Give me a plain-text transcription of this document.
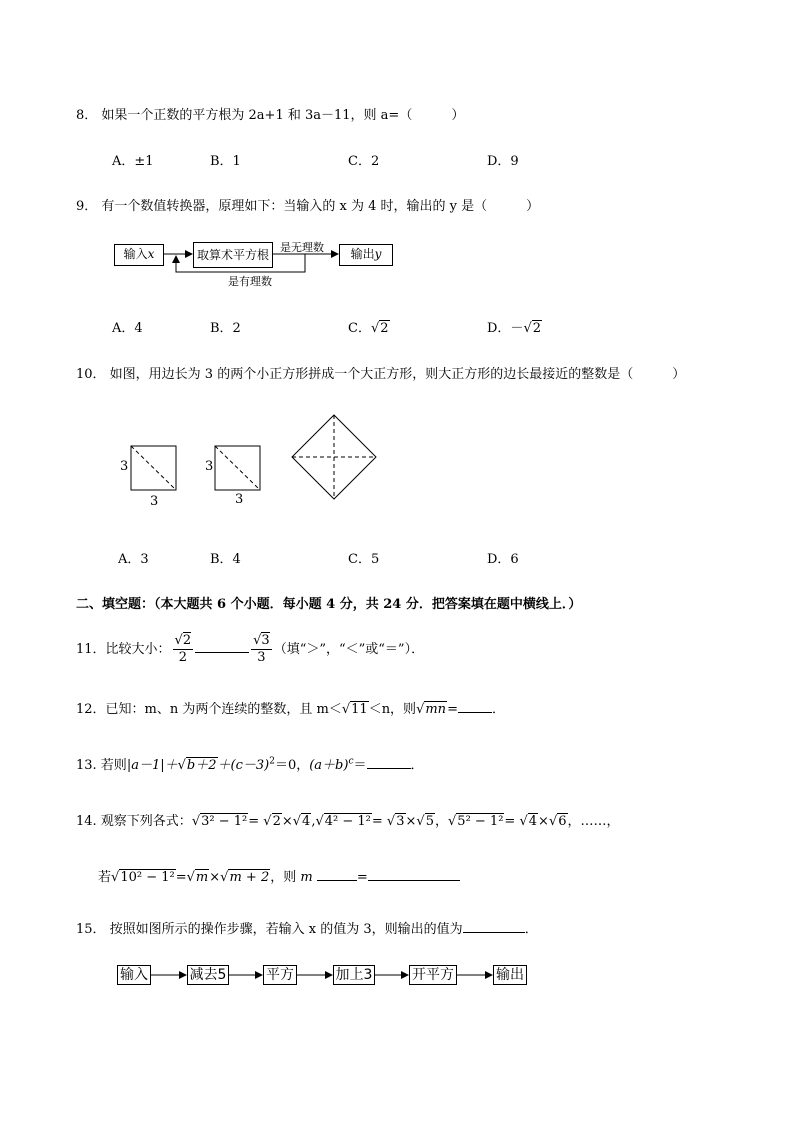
8． 如果一个正数的平方根为 2a+1 和 3a－11，则 a=（　　　）
A．±1	B．1	C．2	D．9
9． 有一个数值转换器，原理如下：当输入的 x 为 4 时，输出的 y 是（　　　）
输入x	取算术平方根	输出y
是无理数
是有理数
A．4	B．2	C．√2	D．－√2
10． 如图，用边长为 3 的两个小正方形拼成一个大正方形，则大正方形的边长最接近的整数是（　　　）
3
3
3
3
A．3	B．4	C．5	D．6
二、填空题：（本大题共 6 个小题．每小题 4 分，共 24 分．把答案填在题中横线上．）
11．比较大小： $\frac{√2}{2}$	$\frac{√3}{3}$ （填“＞”，“＜”或“＝”）．
12．已知：m、n 为两个连续的整数，且 m＜√11＜n，则√mn=	．
13. 若则$|a-1|+√b+2+(c-3)^2=0$，$(a+b)^c=$	．
14. 观察下列各式：√3² − 1²= √2×√4,√4² − 1²= √3×√5，√5² − 1²= √4×√6，……，
若√10² − 1²=√m×√m + 2，则 m	=
15． 按照如图所示的操作步骤，若输入 x 的值为 3，则输出的值为	．
输入	减去5	平方	加上3	开平方	输出
